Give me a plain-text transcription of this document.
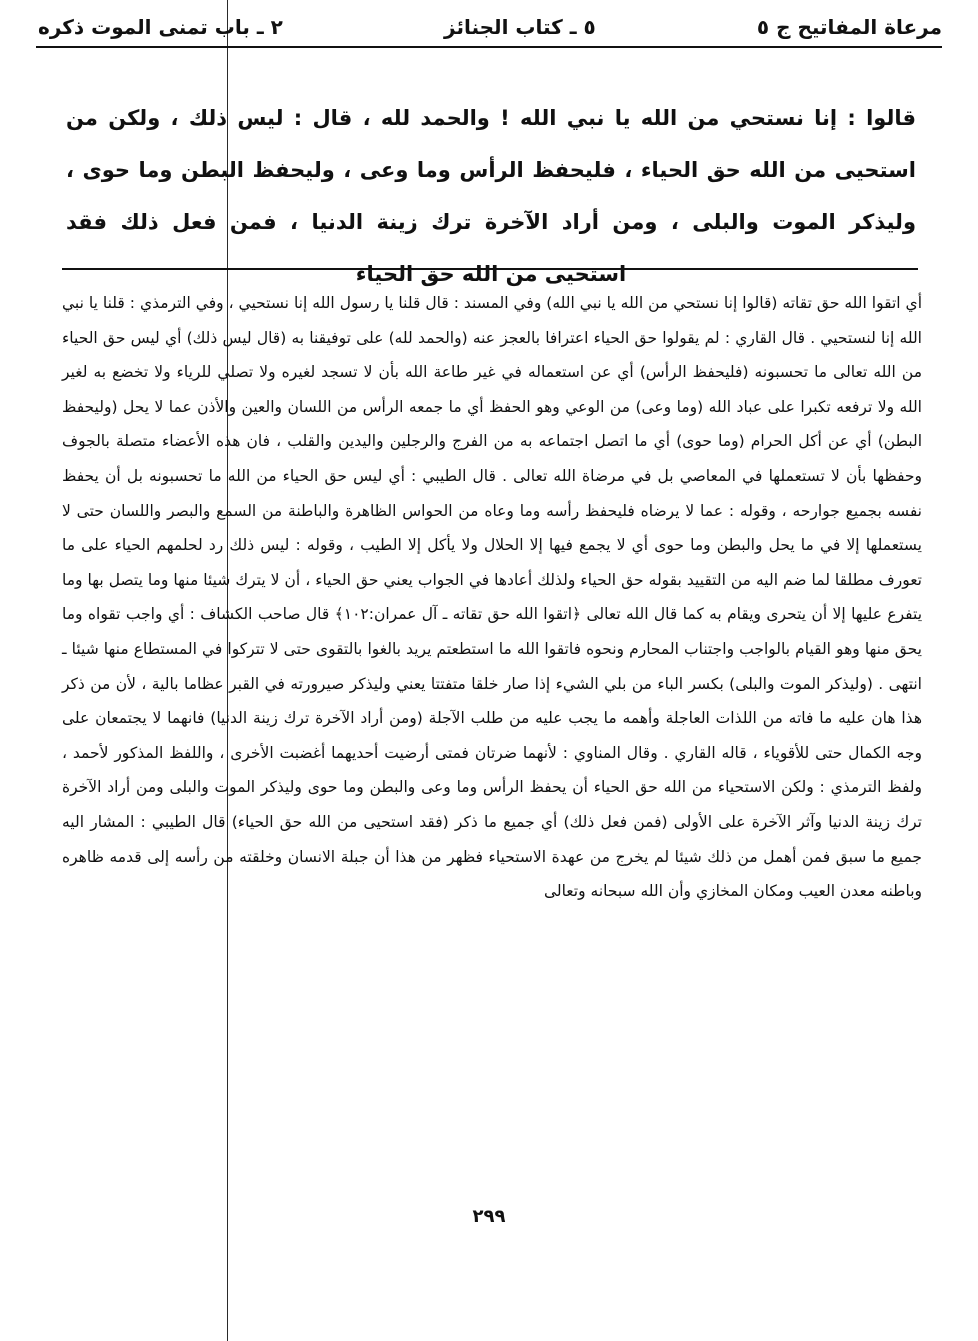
مرعاة المفاتيح ج ٥
٥ ـ كتاب الجنائز
٢ ـ باب تمنى الموت ذكره
قالوا : إنا نستحي من الله يا نبي الله ! والحمد لله ، قال : ليس ذلك ، ولكن من استحيى من الله حق الحياء ، فليحفظ الرأس وما وعى ، وليحفظ البطن وما حوى ، وليذكر الموت والبلى ، ومن أراد الآخرة ترك زينة الدنيا ، فمن فعل ذلك فقد استحيى من الله حق الحياء

أي اتقوا الله حق تقاته (قالوا إنا نستحي من الله يا نبي الله) وفي المسند : قال قلنا يا رسول الله إنا نستحيي ، وفي الترمذي : قلنا يا نبي الله إنا لنستحيي . قال القاري : لم يقولوا حق الحياء اعترافا بالعجز عنه (والحمد لله) على توفيقنا به (قال ليس ذلك) أي ليس حق الحياء من الله تعالى ما تحسبونه (فليحفظ الرأس) أي عن استعماله في غير طاعة الله بأن لا تسجد لغيره ولا تصلي للرياء ولا تخضع به لغير الله ولا ترفعه تكبرا على عباد الله (وما وعى) من الوعي وهو الحفظ أي ما جمعه الرأس من اللسان والعين والأذن عما لا يحل (وليحفظ البطن) أي عن أكل الحرام (وما حوى) أي ما اتصل اجتماعه به من الفرج والرجلين واليدين والقلب ، فان هذه الأعضاء متصلة بالجوف وحفظها بأن لا تستعملها في المعاصي بل في مرضاة الله تعالى . قال الطيبي : أي ليس حق الحياء من الله ما تحسبونه بل أن يحفظ نفسه بجميع جوارحه ، وقوله : عما لا يرضاه فليحفظ رأسه وما وعاه من الحواس الظاهرة والباطنة من السمع والبصر واللسان حتى لا يستعملها إلا في ما يحل والبطن وما حوى أي لا يجمع فيها إلا الحلال ولا يأكل إلا الطيب ، وقوله : ليس ذلك رد لحلمهم الحياء على ما تعورف مطلقا لما ضم اليه من التقييد بقوله حق الحياء ولذلك أعادها في الجواب يعني حق الحياء ، أن لا يترك شيئا منها وما يتصل بها وما يتفرع عليها إلا أن يتحرى ويقام به كما قال الله تعالى ﴿اتقوا الله حق تقاته ـ آل عمران:١٠٢﴾ قال صاحب الكشاف : أي واجب تقواه وما يحق منها وهو القيام بالواجب واجتناب المحارم ونحوه فاتقوا الله ما استطعتم يريد بالغوا بالتقوى حتى لا تتركوا في المستطاع منها شيئا ـ انتهى . (وليذكر الموت والبلى) بكسر الباء من بلي الشيء إذا صار خلقا متفتتا يعني وليذكر صيرورته في القبر عظاما بالية ، لأن من ذكر هذا هان عليه ما فاته من اللذات العاجلة وأهمه ما يجب عليه من طلب الآجلة (ومن أراد الآخرة ترك زينة الدنيا) فانهما لا يجتمعان على وجه الكمال حتى للأقوياء ، قاله القاري . وقال المناوي : لأنهما ضرتان فمتى أرضيت أحديهما أغضبت الأخرى ، واللفظ المذكور لأحمد ، ولفظ الترمذي : ولكن الاستحياء من الله حق الحياء أن يحفظ الرأس وما وعى والبطن وما حوى وليذكر الموت والبلى ومن أراد الآخرة ترك زينة الدنيا وآثر الآخرة على الأولى (فمن فعل ذلك) أي جميع ما ذكر (فقد استحيى من الله حق الحياء) قال الطيبي : المشار اليه جميع ما سبق فمن أهمل من ذلك شيئا لم يخرج من عهدة الاستحياء فظهر من هذا أن جبلة الانسان وخلقته من رأسه إلى قدمه ظاهره وباطنه معدن العيب ومكان المخازي وأن الله سبحانه وتعالى

٢٩٩
